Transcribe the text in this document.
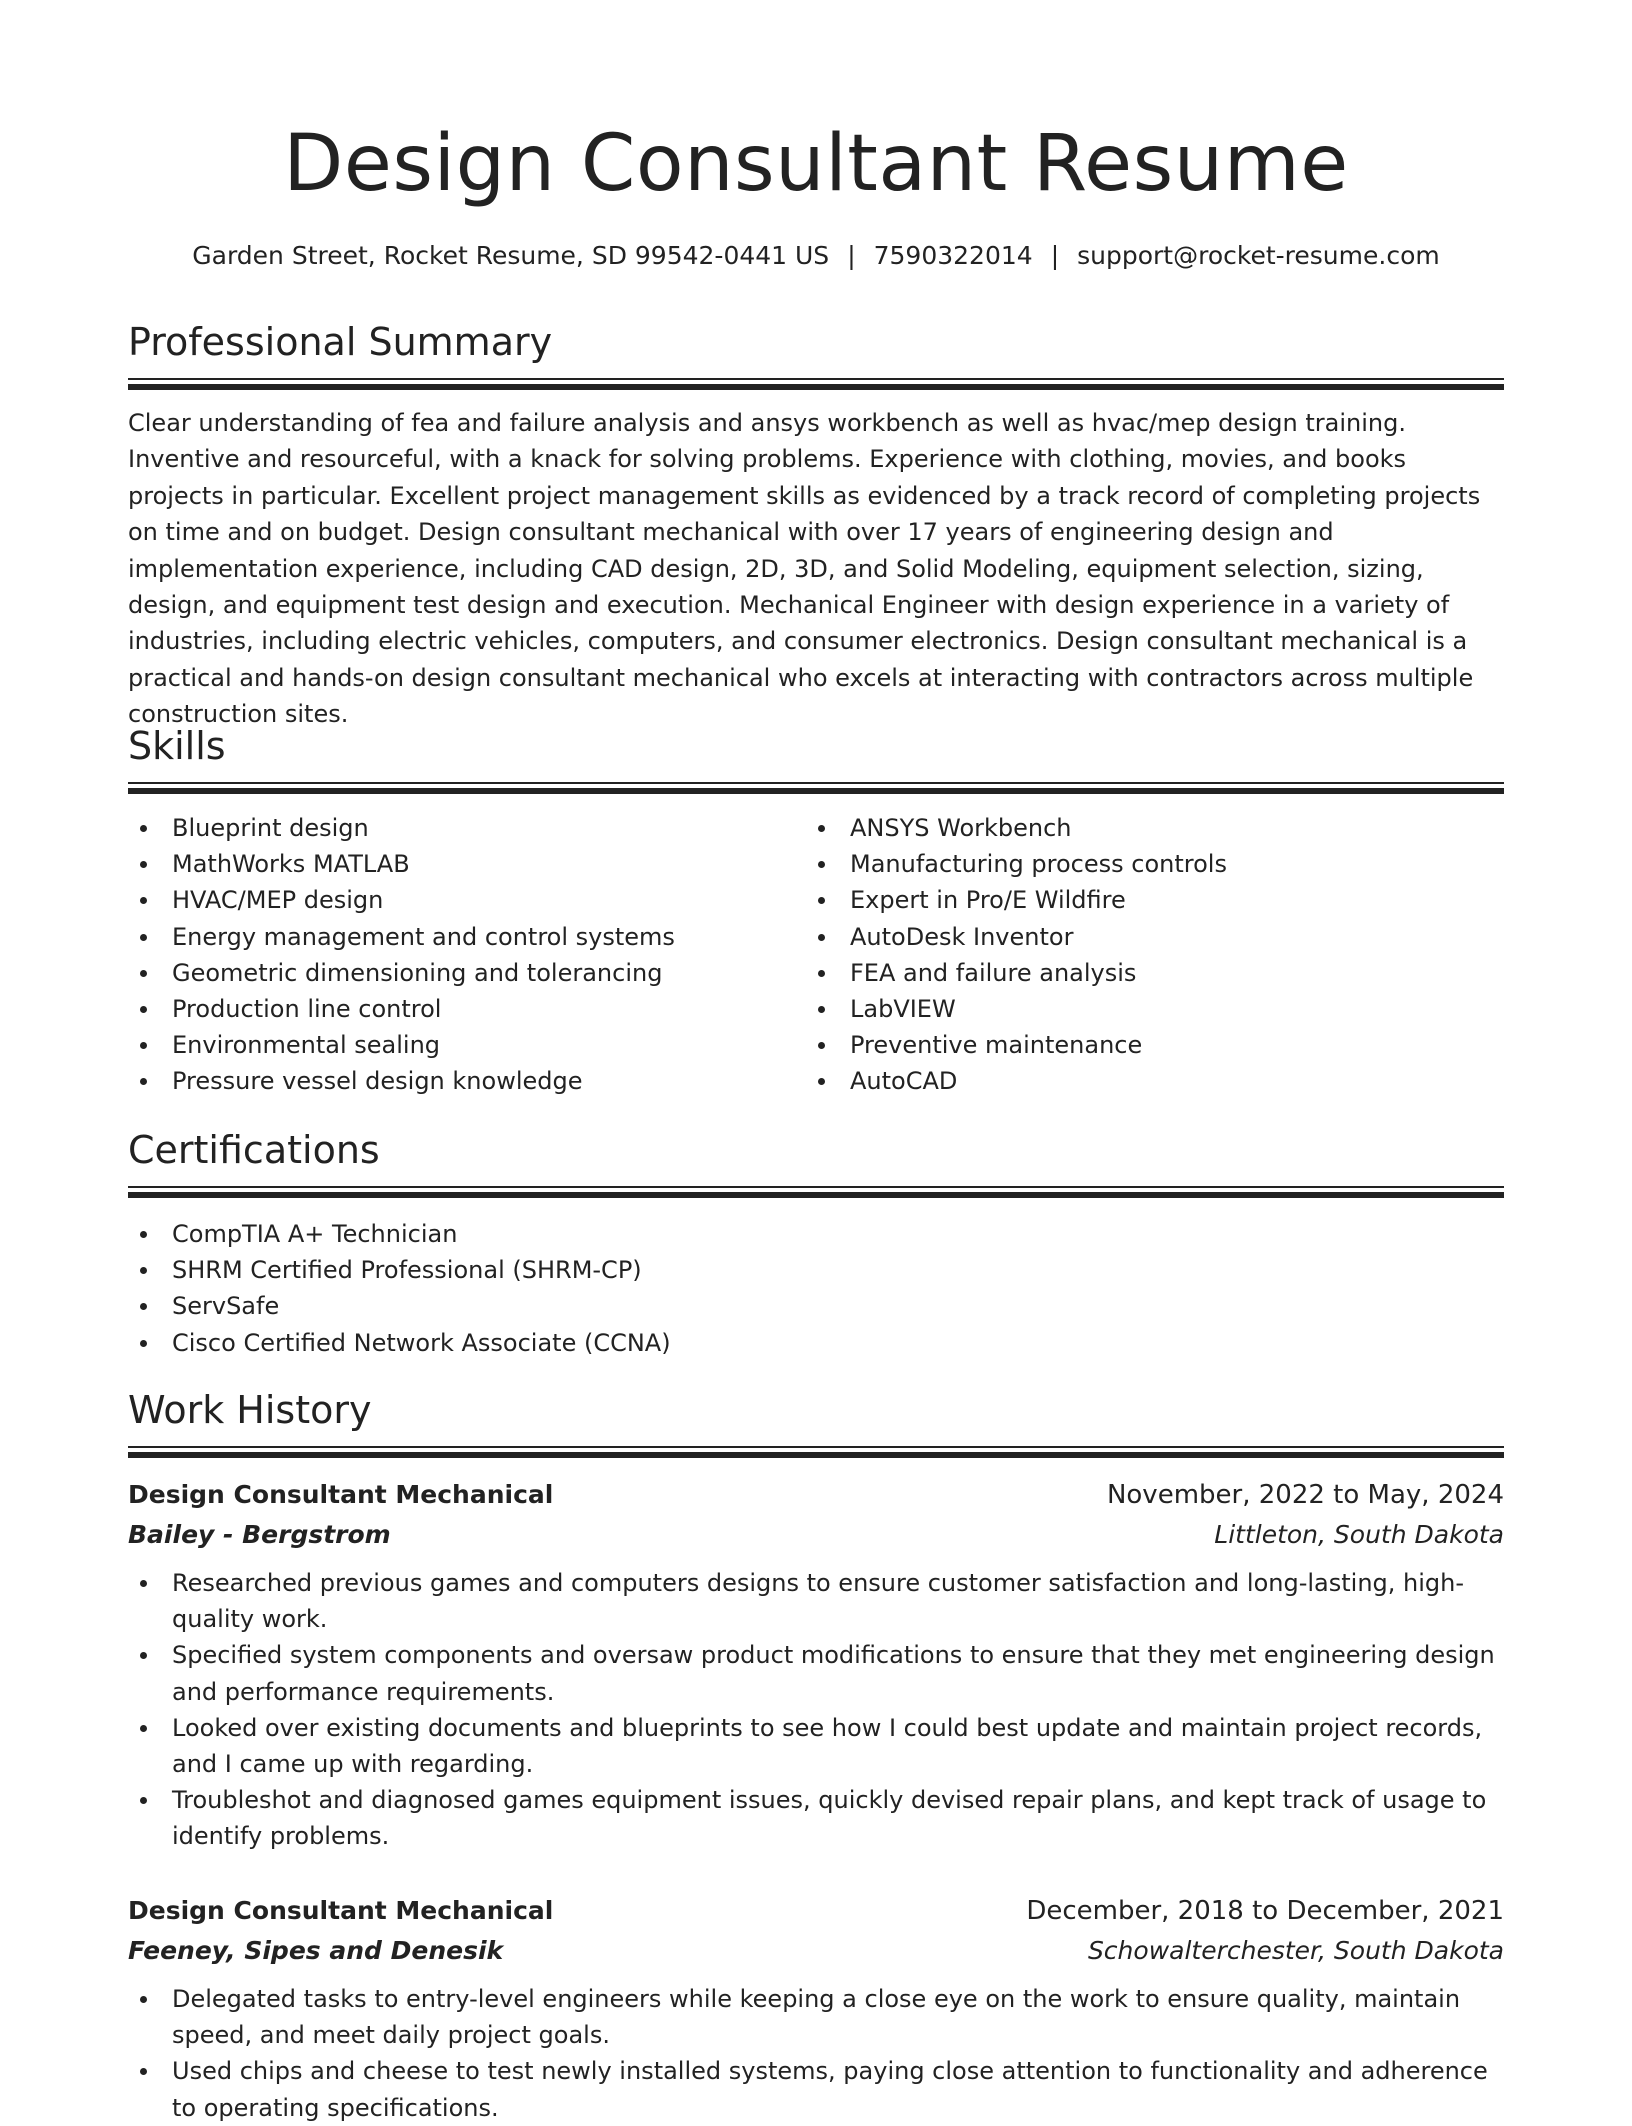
Design Consultant Resume
Garden Street, Rocket Resume, SD 99542-0441 US | 7590322014 | support@rocket-resume.com
Professional Summary

Clear understanding of fea and failure analysis and ansys workbench as well as hvac/mep design training. Inventive and resourceful, with a knack for solving problems. Experience with clothing, movies, and books projects in particular. Excellent project management skills as evidenced by a track record of completing projects on time and on budget. Design consultant mechanical with over 17 years of engineering design and implementation experience, including CAD design, 2D, 3D, and Solid Modeling, equipment selection, sizing, design, and equipment test design and execution. Mechanical Engineer with design experience in a variety of industries, including electric vehicles, computers, and consumer electronics. Design consultant mechanical is a practical and hands-on design consultant mechanical who excels at interacting with contractors across multiple construction sites.

Skills
Blueprint design
MathWorks MATLAB
HVAC/MEP design
Energy management and control systems
Geometric dimensioning and tolerancing
Production line control
Environmental sealing
Pressure vessel design knowledge
ANSYS Workbench
Manufacturing process controls
Expert in Pro/E Wildfire
AutoDesk Inventor
FEA and failure analysis
LabVIEW
Preventive maintenance
AutoCAD
Certifications
CompTIA A+ Technician
SHRM Certified Professional (SHRM-CP)
ServSafe
Cisco Certified Network Associate (CCNA)
Work History
Design Consultant Mechanical	November, 2022 to May, 2024
Bailey - Bergstrom	Littleton, South Dakota
Researched previous games and computers designs to ensure customer satisfaction and long-lasting, high-quality work.
Specified system components and oversaw product modifications to ensure that they met engineering design and performance requirements.
Looked over existing documents and blueprints to see how I could best update and maintain project records, and I came up with regarding.
Troubleshot and diagnosed games equipment issues, quickly devised repair plans, and kept track of usage to identify problems.
Design Consultant Mechanical	December, 2018 to December, 2021
Feeney, Sipes and Denesik	Schowalterchester, South Dakota
Delegated tasks to entry-level engineers while keeping a close eye on the work to ensure quality, maintain speed, and meet daily project goals.
Used chips and cheese to test newly installed systems, paying close attention to functionality and adherence to operating specifications.
